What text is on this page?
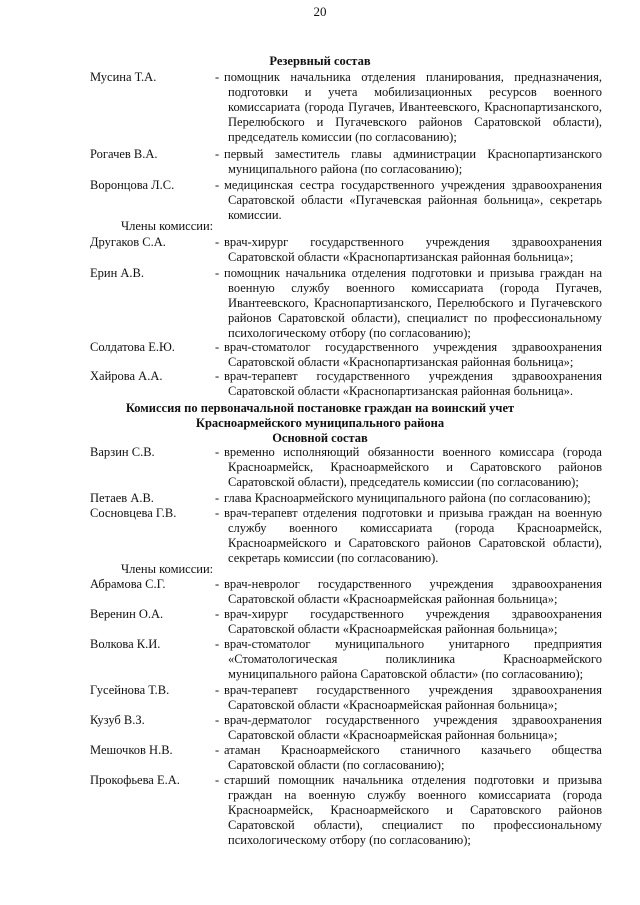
20
Резервный состав
Мусина Т.А.	- помощник начальника отделения планирования, предназначения, подготовки и учета мобилизационных ресурсов военного комиссариата (города Пугачев, Ивантеевского, Краснопартизанского, Перелюбского и Пугачевского районов Саратовской области), председатель комиссии (по согласованию);
Рогачев В.А.	- первый заместитель главы администрации Краснопартизанского муниципального района (по согласованию);
Воронцова Л.С.	- медицинская сестра государственного учреждения здравоохранения Саратовской области «Пугачевская районная больница», секретарь комиссии.
Члены комиссии:
Другаков С.А.	- врач-хирург государственного учреждения здравоохранения Саратовской области «Краснопартизанская районная больница»;
Ерин А.В.	- помощник начальника отделения подготовки и призыва граждан на военную службу военного комиссариата (города Пугачев, Ивантеевского, Краснопартизанского, Перелюбского и Пугачевского районов Саратовской области), специалист по профессиональному психологическому отбору (по согласованию);
Солдатова Е.Ю.	- врач-стоматолог государственного учреждения здравоохранения Саратовской области «Краснопартизанская районная больница»;
Хайрова А.А.	- врач-терапевт государственного учреждения здравоохранения Саратовской области «Краснопартизанская районная больница».
Комиссия по первоначальной постановке граждан на воинский учет
Красноармейского муниципального района
Основной состав
Варзин С.В.	- временно исполняющий обязанности военного комиссара (города Красноармейск, Красноармейского и Саратовского районов Саратовской области), председатель комиссии (по согласованию);
Петаев А.В.	- глава Красноармейского муниципального района (по согласованию);
Сосновцева Г.В.	- врач-терапевт отделения подготовки и призыва граждан на военную службу военного комиссариата (города Красноармейск, Красноармейского и Саратовского районов Саратовской области), секретарь комиссии (по согласованию).
Члены комиссии:
Абрамова С.Г.	- врач-невролог государственного учреждения здравоохранения Саратовской области «Красноармейская районная больница»;
Веренин О.А.	- врач-хирург государственного учреждения здравоохранения Саратовской области «Красноармейская районная больница»;
Волкова К.И.	- врач-стоматолог муниципального унитарного предприятия «Стоматологическая поликлиника Красноармейского муниципального района Саратовской области» (по согласованию);
Гусейнова Т.В.	- врач-терапевт государственного учреждения здравоохранения Саратовской области «Красноармейская районная больница»;
Кузуб В.З.	- врач-дерматолог государственного учреждения здравоохранения Саратовской области «Красноармейская районная больница»;
Мешочков Н.В.	- атаман Красноармейского станичного казачьего общества Саратовской области (по согласованию);
Прокофьева Е.А.	- старший помощник начальника отделения подготовки и призыва граждан на военную службу военного комиссариата (города Красноармейск, Красноармейского и Саратовского районов Саратовской области), специалист по профессиональному психологическому отбору (по согласованию);
